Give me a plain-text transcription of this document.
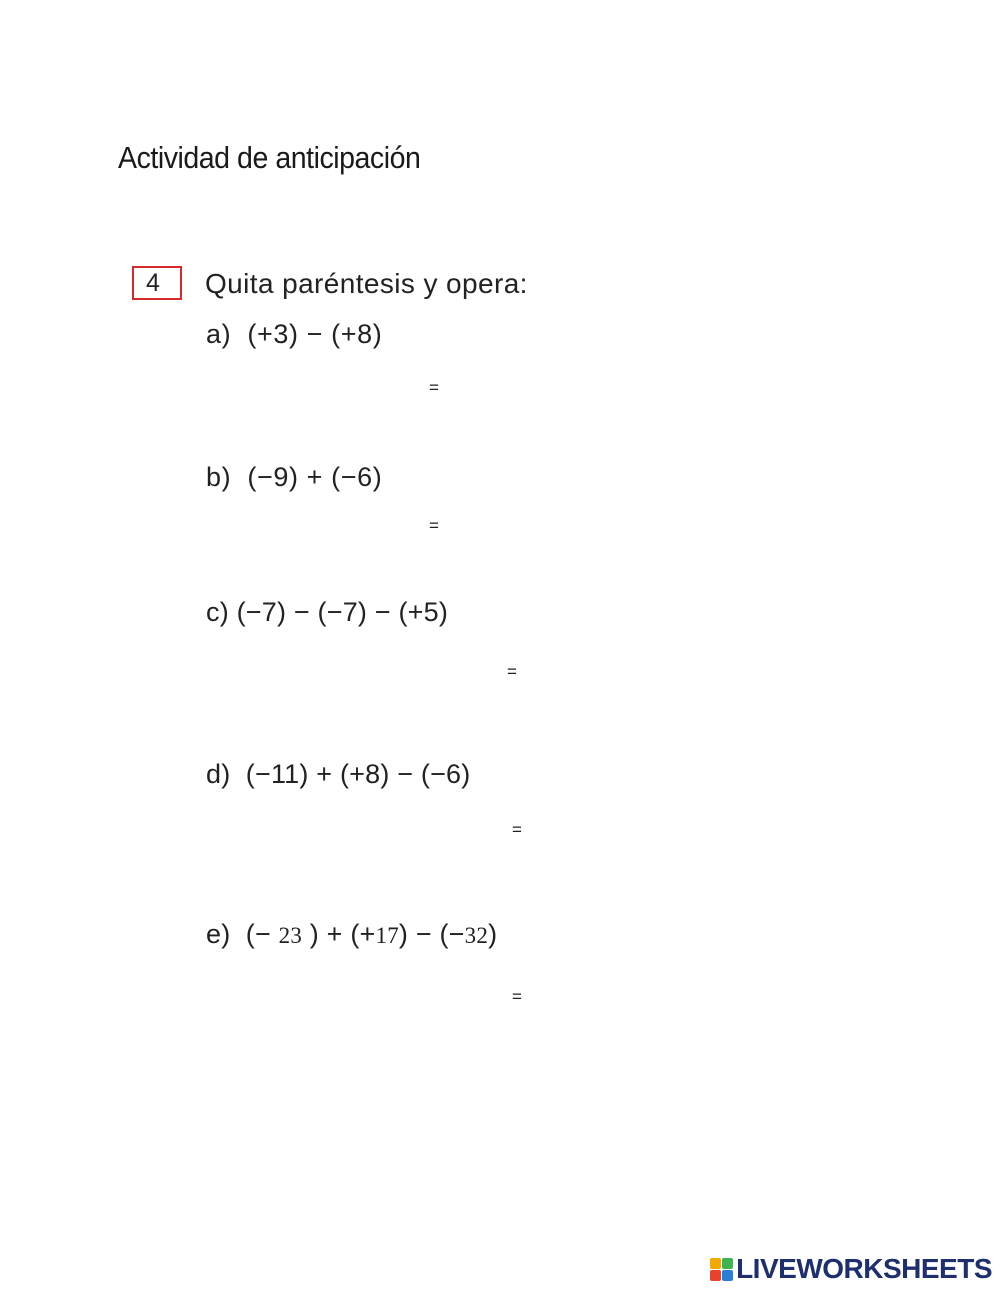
Actividad de anticipación
4	Quita paréntesis y opera:
a)  (+3) − (+8)
=
b)  (−9) + (−6)
=
c) (−7) − (−7) − (+5)
=
d)  (−11) + (+8) − (−6)
=
e)  (− 23 ) + (+17) − (−32)
=
LIVEWORKSHEETS
